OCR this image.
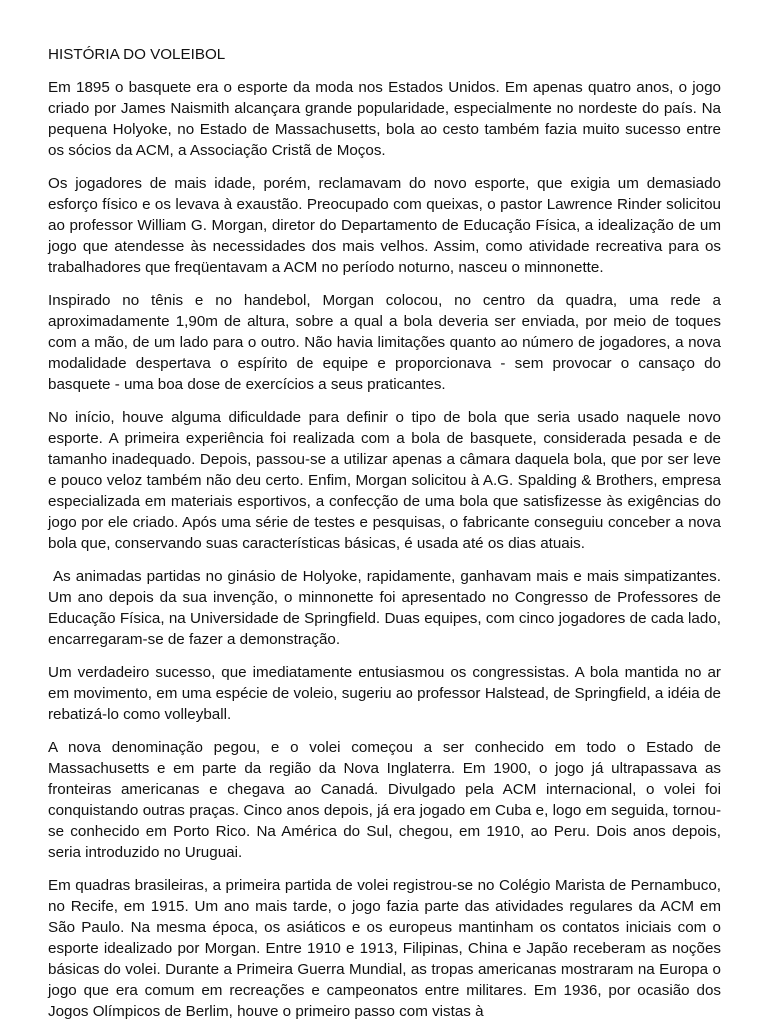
HISTÓRIA DO VOLEIBOL

Em 1895 o basquete era o esporte da moda nos Estados Unidos. Em apenas quatro anos, o jogo criado por James Naismith alcançara grande popularidade, especialmente no nordeste do país. Na pequena Holyoke, no Estado de Massachusetts, bola ao cesto também fazia muito sucesso entre os sócios da ACM, a Associação Cristã de Moços.

Os jogadores de mais idade, porém, reclamavam do novo esporte, que exigia um demasiado esforço físico e os levava à exaustão. Preocupado com queixas, o pastor Lawrence Rinder solicitou ao professor William G. Morgan, diretor do Departamento de Educação Física, a idealização de um jogo que atendesse às necessidades dos mais velhos. Assim, como atividade recreativa para os trabalhadores que freqüentavam a ACM no período noturno, nasceu o minnonette.

Inspirado no tênis e no handebol, Morgan colocou, no centro da quadra, uma rede a aproximadamente 1,90m de altura, sobre a qual a bola deveria ser enviada, por meio de toques com a mão, de um lado para o outro. Não havia limitações quanto ao número de jogadores, a nova modalidade despertava o espírito de equipe e proporcionava - sem provocar o cansaço do basquete - uma boa dose de exercícios a seus praticantes.

No início, houve alguma dificuldade para definir o tipo de bola que seria usado naquele novo esporte. A primeira experiência foi realizada com a bola de basquete, considerada pesada e de tamanho inadequado. Depois, passou-se a utilizar apenas a câmara daquela bola, que por ser leve e pouco veloz também não deu certo. Enfim, Morgan solicitou à A.G. Spalding & Brothers, empresa especializada em materiais esportivos, a confecção de uma bola que satisfizesse às exigências do jogo por ele criado. Após uma série de testes e pesquisas, o fabricante conseguiu conceber a nova bola que, conservando suas características básicas, é usada até os dias atuais.

As animadas partidas no ginásio de Holyoke, rapidamente, ganhavam mais e mais simpatizantes. Um ano depois da sua invenção, o minnonette foi apresentado no Congresso de Professores de Educação Física, na Universidade de Springfield. Duas equipes, com cinco jogadores de cada lado, encarregaram-se de fazer a demonstração.

Um verdadeiro sucesso, que imediatamente entusiasmou os congressistas. A bola mantida no ar em movimento, em uma espécie de voleio, sugeriu ao professor Halstead, de Springfield, a idéia de rebatizá-lo como volleyball.

A nova denominação pegou, e o volei começou a ser conhecido em todo o Estado de Massachusetts e em parte da região da Nova Inglaterra. Em 1900, o jogo já ultrapassava as fronteiras americanas e chegava ao Canadá. Divulgado pela ACM internacional, o volei foi conquistando outras praças. Cinco anos depois, já era jogado em Cuba e, logo em seguida, tornou-se conhecido em Porto Rico. Na América do Sul, chegou, em 1910, ao Peru. Dois anos depois, seria introduzido no Uruguai.

Em quadras brasileiras, a primeira partida de volei registrou-se no Colégio Marista de Pernambuco, no Recife, em 1915. Um ano mais tarde, o jogo fazia parte das atividades regulares da ACM em São Paulo. Na mesma época, os asiáticos e os europeus mantinham os contatos iniciais com o esporte idealizado por Morgan. Entre 1910 e 1913, Filipinas, China e Japão receberam as noções básicas do volei. Durante a Primeira Guerra Mundial, as tropas americanas mostraram na Europa o jogo que era comum em recreações e campeonatos entre militares. Em 1936, por ocasião dos Jogos Olímpicos de Berlim, houve o primeiro passo com vistas à
